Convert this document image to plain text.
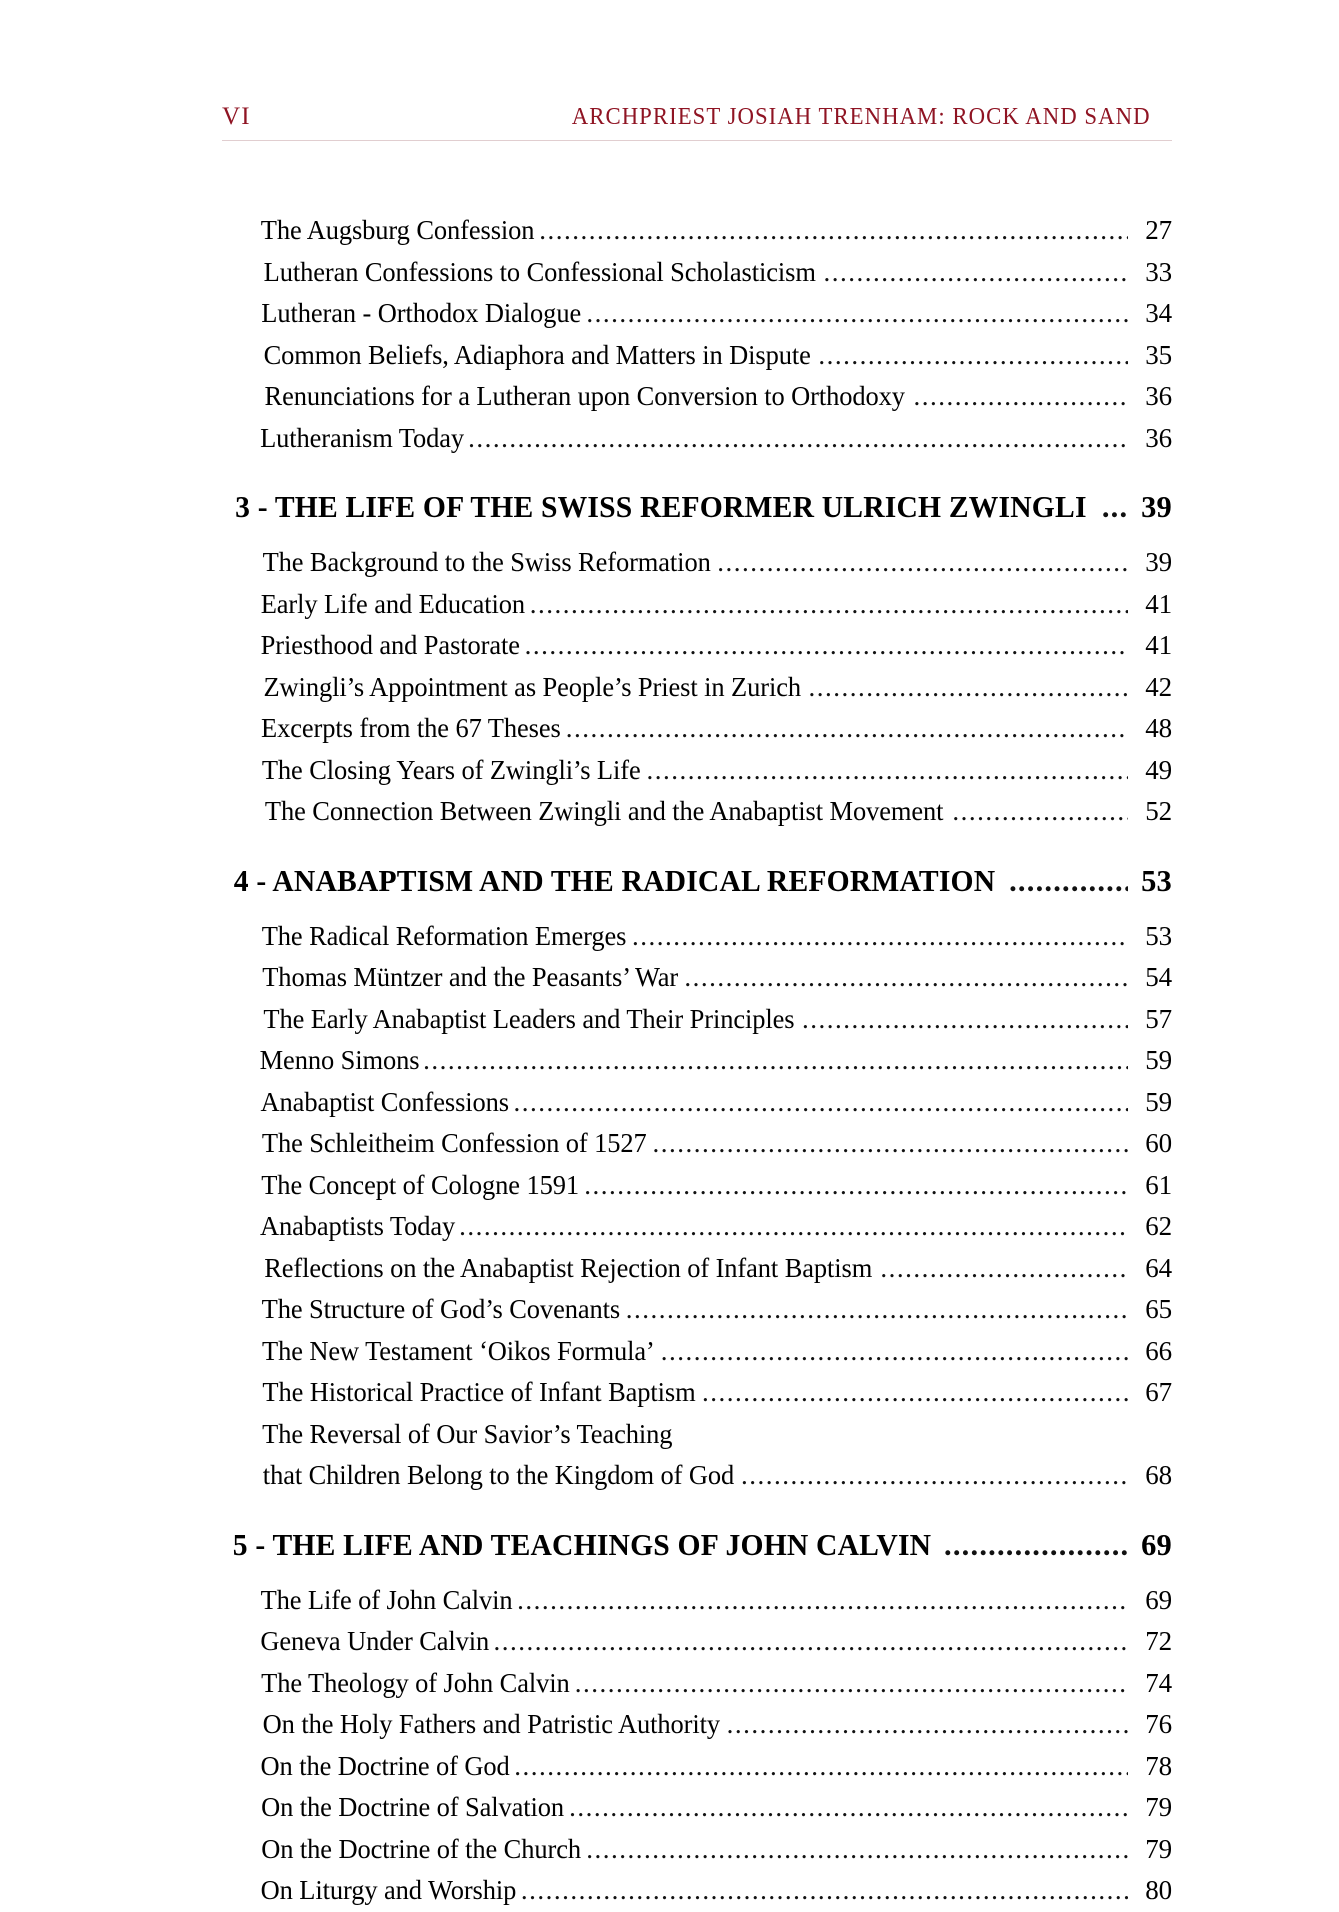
VI	ARCHPRIEST JOSIAH TRENHAM: ROCK AND SAND
The Augsburg Confession .....	27
Lutheran Confessions to Confessional Scholasticism .....	33
Lutheran - Orthodox Dialogue .....	34
Common Beliefs, Adiaphora and Matters in Dispute .....	35
Renunciations for a Lutheran upon Conversion to Orthodoxy .....	36
Lutheranism Today .....	36
3 - THE LIFE OF THE SWISS REFORMER ULRICH ZWINGLI .....	39
The Background to the Swiss Reformation .....	39
Early Life and Education .....	41
Priesthood and Pastorate .....	41
Zwingli’s Appointment as People’s Priest in Zurich .....	42
Excerpts from the 67 Theses .....	48
The Closing Years of Zwingli’s Life .....	49
The Connection Between Zwingli and the Anabaptist Movement .....	52
4 - ANABAPTISM AND THE RADICAL REFORMATION .....	53
The Radical Reformation Emerges .....	53
Thomas Müntzer and the Peasants’ War .....	54
The Early Anabaptist Leaders and Their Principles .....	57
Menno Simons .....	59
Anabaptist Confessions .....	59
The Schleitheim Confession of 1527 .....	60
The Concept of Cologne 1591 .....	61
Anabaptists Today .....	62
Reflections on the Anabaptist Rejection of Infant Baptism .....	64
The Structure of God’s Covenants .....	65
The New Testament ‘Oikos Formula’ .....	66
The Historical Practice of Infant Baptism .....	67
The Reversal of Our Savior’s Teaching
that Children Belong to the Kingdom of God .....	68
5 - THE LIFE AND TEACHINGS OF JOHN CALVIN .....	69
The Life of John Calvin .....	69
Geneva Under Calvin .....	72
The Theology of John Calvin .....	74
On the Holy Fathers and Patristic Authority .....	76
On the Doctrine of God .....	78
On the Doctrine of Salvation .....	79
On the Doctrine of the Church .....	79
On Liturgy and Worship .....	80
